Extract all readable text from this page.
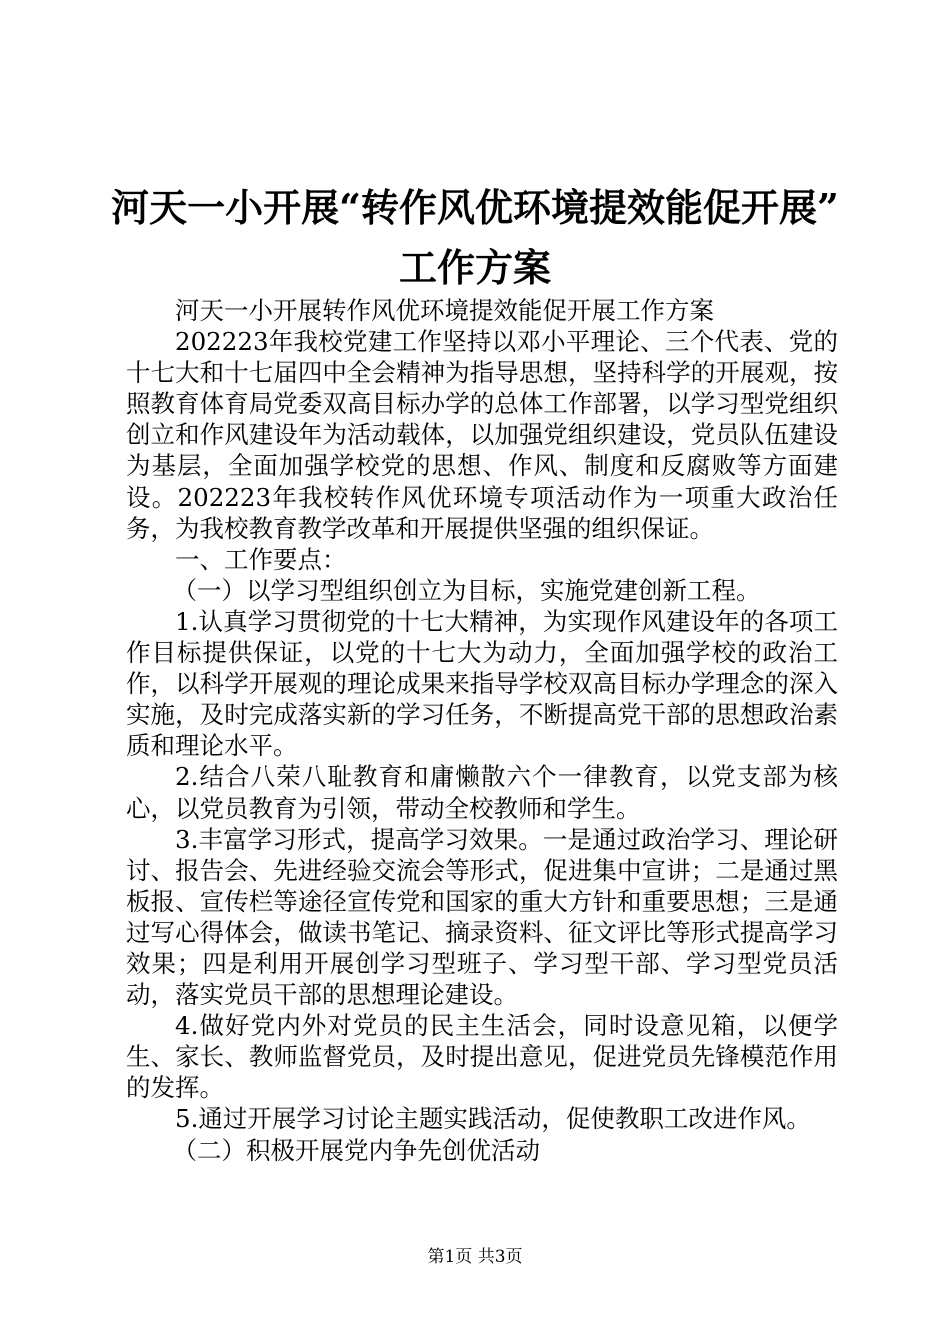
河天一小开展“转作风优环境提效能促开展”
工作方案

河天一小开展转作风优环境提效能促开展工作方案

202223年我校党建工作坚持以邓小平理论、三个代表、党的十七大和十七届四中全会精神为指导思想，坚持科学的开展观，按照教育体育局党委双高目标办学的总体工作部署，以学习型党组织创立和作风建设年为活动载体，以加强党组织建设，党员队伍建设为基层，全面加强学校党的思想、作风、制度和反腐败等方面建设。202223年我校转作风优环境专项活动作为一项重大政治任务，为我校教育教学改革和开展提供坚强的组织保证。

一、工作要点：

（一）以学习型组织创立为目标，实施党建创新工程。

1.认真学习贯彻党的十七大精神，为实现作风建设年的各项工作目标提供保证，以党的十七大为动力，全面加强学校的政治工作，以科学开展观的理论成果来指导学校双高目标办学理念的深入实施，及时完成落实新的学习任务，不断提高党干部的思想政治素质和理论水平。

2.结合八荣八耻教育和庸懒散六个一律教育，以党支部为核心，以党员教育为引领，带动全校教师和学生。

3.丰富学习形式，提高学习效果。一是通过政治学习、理论研讨、报告会、先进经验交流会等形式，促进集中宣讲；二是通过黑板报、宣传栏等途径宣传党和国家的重大方针和重要思想；三是通过写心得体会，做读书笔记、摘录资料、征文评比等形式提高学习效果；四是利用开展创学习型班子、学习型干部、学习型党员活动，落实党员干部的思想理论建设。

4.做好党内外对党员的民主生活会，同时设意见箱，以便学生、家长、教师监督党员，及时提出意见，促进党员先锋模范作用的发挥。

5.通过开展学习讨论主题实践活动，促使教职工改进作风。

（二）积极开展党内争先创优活动

第1页 共3页
